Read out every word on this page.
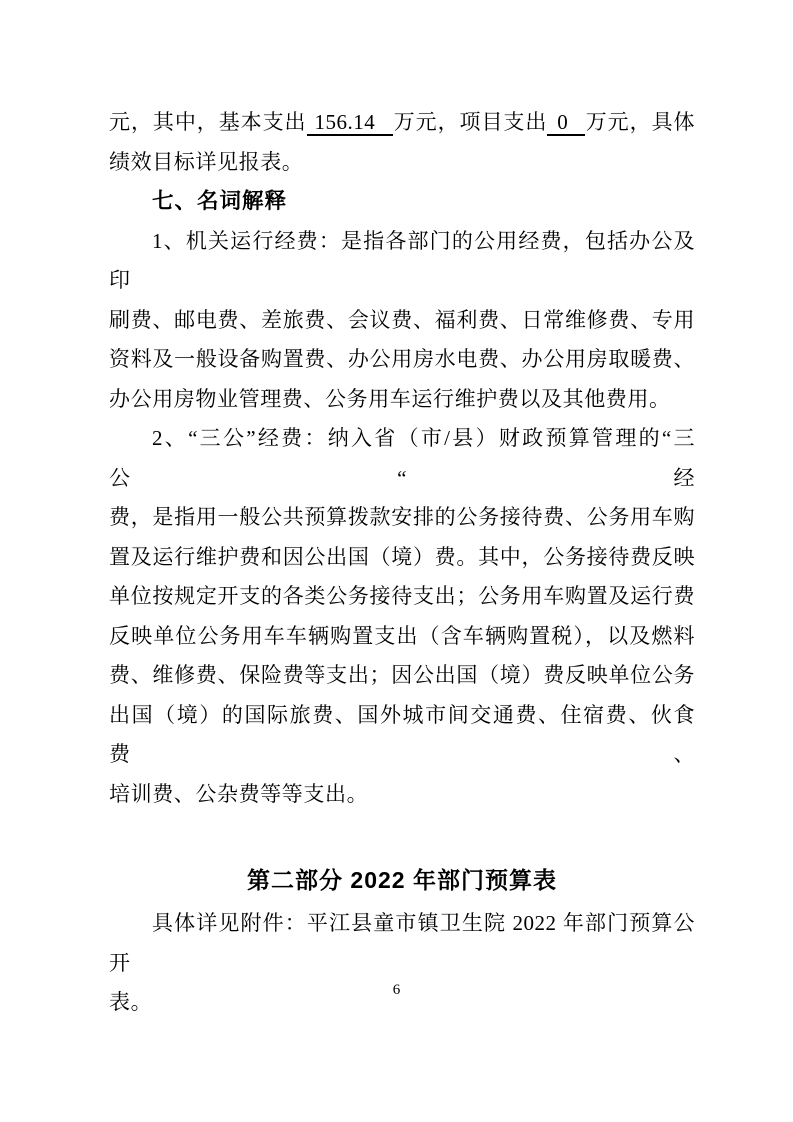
元，其中，基本支出 156.14 万元，项目支出 0 万元，具体
绩效目标详见报表。
七、名词解释
1、机关运行经费：是指各部门的公用经费，包括办公及印
刷费、邮电费、差旅费、会议费、福利费、日常维修费、专用
资料及一般设备购置费、办公用房水电费、办公用房取暖费、
办公用房物业管理费、公务用车运行维护费以及其他费用。
2、“三公”经费：纳入省（市/县）财政预算管理的“三公“经
费，是指用一般公共预算拨款安排的公务接待费、公务用车购
置及运行维护费和因公出国（境）费。其中，公务接待费反映
单位按规定开支的各类公务接待支出；公务用车购置及运行费
反映单位公务用车车辆购置支出（含车辆购置税），以及燃料
费、维修费、保险费等支出；因公出国（境）费反映单位公务
出国（境）的国际旅费、国外城市间交通费、住宿费、伙食费、
培训费、公杂费等等支出。
第二部分 2022 年部门预算表
具体详见附件：平江县童市镇卫生院 2022 年部门预算公开
表。	6
